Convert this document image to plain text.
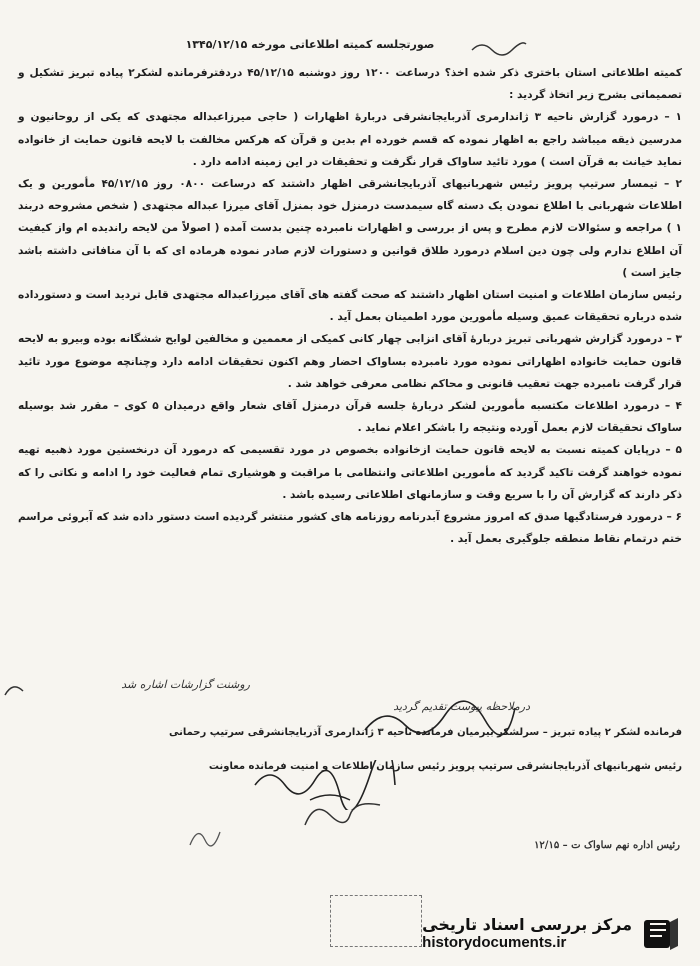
صورتجلسه کمیته اطلاعاتی مورخه ۱۳۴۵/۱۲/۱۵

کمیته اطلاعاتی استان باختری ذکر شده اخذ؟ درساعت ۱۲۰۰ روز دوشنبه ۴۵/۱۲/۱۵ دردفترفرمانده لشکر۲ پیاده تبریز تشکیل و تصمیماتی بشرح زیر اتخاذ گردید :

۱ – درمورد گزارش ناحیه ۳ ژاندارمری آذربایجانشرقی دربارهٔ اظهارات ( حاجی میرزاعبداله مجتهدی که یکی از روحانیون و مدرسین ذیقه میباشد راجع به اظهار نموده که قسم خورده ام بدین و قرآن که هرکس مخالفت با لایحه قانون حمایت از خانواده نماید خیانت به قرآن است ) مورد تائید ساواک قرار نگرفت و تحقیقات در این زمینه ادامه دارد .

۲ – تیمسار سرتیپ پرویز رئیس شهربانیهای آذربایجانشرقی اظهار داشتند که درساعت ۰۸۰۰ روز ۴۵/۱۲/۱۵ مأمورین و یک اطلاعات شهربانی با اطلاع نمودن یک دسته گاه سیمدست درمنزل خود بمنزل آقای میرزا عبداله مجتهدی ( شخص مشروحه دربند ۱ ) مراجعه و سئوالات لازم مطرح و پس از بررسی و اظهارات نامبرده چنین بدست آمده ( اصولاً من لایحه راندیده ام واز کیفیت آن اطلاع ندارم ولی چون دین اسلام درمورد طلاق قوانین و دستورات لازم صادر نموده هرماده ای که با آن منافاتی داشته باشد جایز است )

رئیس سازمان اطلاعات و امنیت استان اظهار داشتند که صحت گفته های آقای میرزاعبداله مجتهدی قابل تردید است و دستورداده شده درباره تحقیقات عمیق وسیله مأمورین مورد اطمینان بعمل آید .

۳ – درمورد گزارش شهربانی تبریز دربارهٔ آقای انزابی چهار کانی کمیکی از معممین و مخالفین لوایح ششگانه بوده وبیرو به لایحه قانون حمایت خانواده اظهاراتی نموده مورد نامبرده بساواک احضار وهم اکنون تحقیقات ادامه دارد وچنانچه موضوع مورد تائید قرار گرفت نامبرده جهت تعقیب قانونی و محاکم نظامی معرفی خواهد شد .

۴ – درمورد اطلاعات مکتسبه مأمورین لشکر دربارهٔ جلسه قرآن درمنزل آقای شعار واقع درمیدان ۵ کوی – مقرر شد بوسیله ساواک تحقیقات لازم بعمل آورده ونتیجه را باشکر اعلام نماید .

۵ – درپایان کمیته نسبت به لایحه قانون حمایت ازخانواده بخصوص در مورد تقسیمی که درمورد آن درنخستین مورد ذهبیه تهیه نموده خواهند گرفت تاکید گردید که مأمورین اطلاعاتی وانتظامی با مراقبت و هوشیاری تمام فعالیت خود را ادامه و نکاتی را که ذکر دارند که گزارش آن را با سریع وقت و سازمانهای اطلاعاتی رسیده باشد .

۶ – درمورد فرستادگیها صدق که امروز مشروع آبدرنامه روزنامه های کشور منتشر گردیده است دستور داده شد که آبروئی مراسم ختم درتمام نقاط منطقه جلوگیری بعمل آید .

روشنت گزارشات اشاره شد
درملاحظه پیوست تقدیم گردید
فرمانده لشکر ۲ پیاده تبریز – سرلشکر بیرمیان فرمانده ناحیه ۳ ژاندارمری آذربایجانشرقی سرتیپ رحمانی
رئیس شهربانیهای آذربایجانشرقی سرتیپ پرویز رئیس سازمان اطلاعات و امنیت فرمانده معاونت
رئیس اداره نهم ساواک ت – ۱۲/۱۵
مرکز بررسی اسناد تاریخی
historydocuments.ir
